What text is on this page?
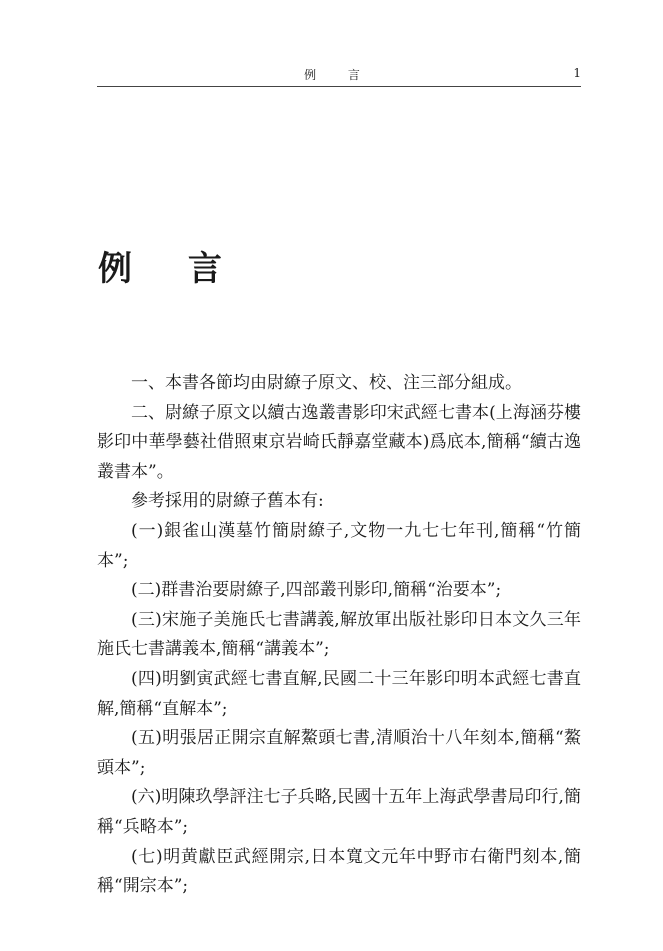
例 言	1
例 言

一、本書各節均由尉繚子原文、校、注三部分組成。

二、尉繚子原文以續古逸叢書影印宋武經七書本(上海涵芬樓影印中華學藝社借照東京岩崎氏靜嘉堂藏本)爲底本,簡稱“續古逸叢書本”。

參考採用的尉繚子舊本有:

(一)銀雀山漢墓竹簡尉繚子,文物一九七七年刊,簡稱“竹簡本”;

(二)群書治要尉繚子,四部叢刊影印,簡稱“治要本”;

(三)宋施子美施氏七書講義,解放軍出版社影印日本文久三年施氏七書講義本,簡稱“講義本”;

(四)明劉寅武經七書直解,民國二十三年影印明本武經七書直解,簡稱“直解本”;

(五)明張居正開宗直解鰲頭七書,清順治十八年刻本,簡稱“鰲頭本”;

(六)明陳玖學評注七子兵略,民國十五年上海武學書局印行,簡稱“兵略本”;

(七)明黄獻臣武經開宗,日本寬文元年中野市右衛門刻本,簡稱“開宗本”;
